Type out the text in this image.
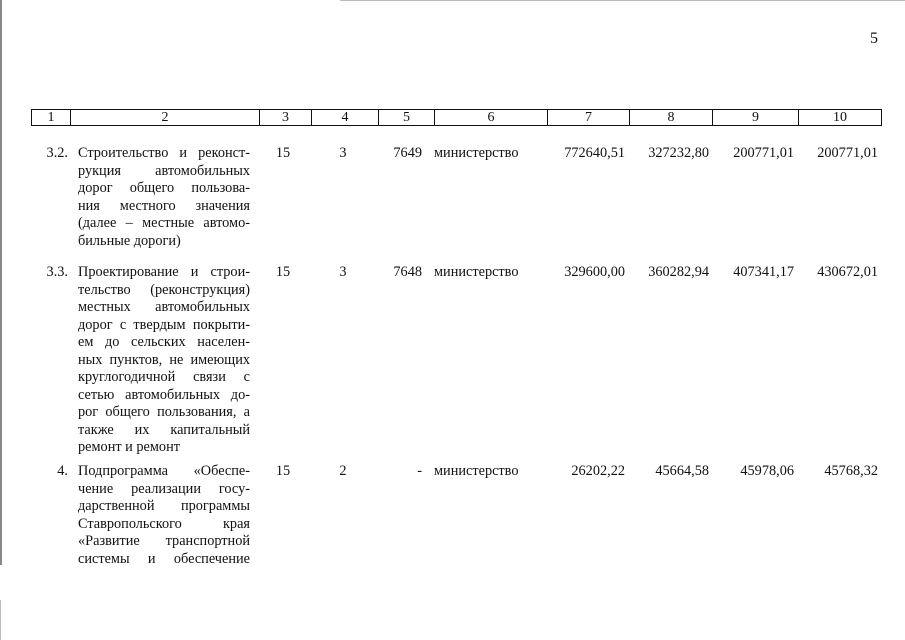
5
1	2	3	4	5	6	7	8	9	10
3.2. Строительство и реконст-
рукция автомобильных
дорог общего пользова-
ния местного значения
(далее – местные автомо-
бильные дороги)
15	3	7649 министерство	772640,51	327232,80	200771,01	200771,01
3.3. Проектирование и строи-
тельство (реконструкция)
местных автомобильных
дорог с твердым покрыти-
ем до сельских населен-
ных пунктов, не имеющих
круглогодичной связи с
сетью автомобильных до-
рог общего пользования, а
также их капитальный
ремонт и ремонт
15	3	7648 министерство	329600,00	360282,94	407341,17	430672,01
4. Подпрограмма «Обеспе-
чение реализации госу-
дарственной программы
Ставропольского края
«Развитие транспортной
системы и обеспечение
15	2	- министерство	26202,22	45664,58	45978,06	45768,32
